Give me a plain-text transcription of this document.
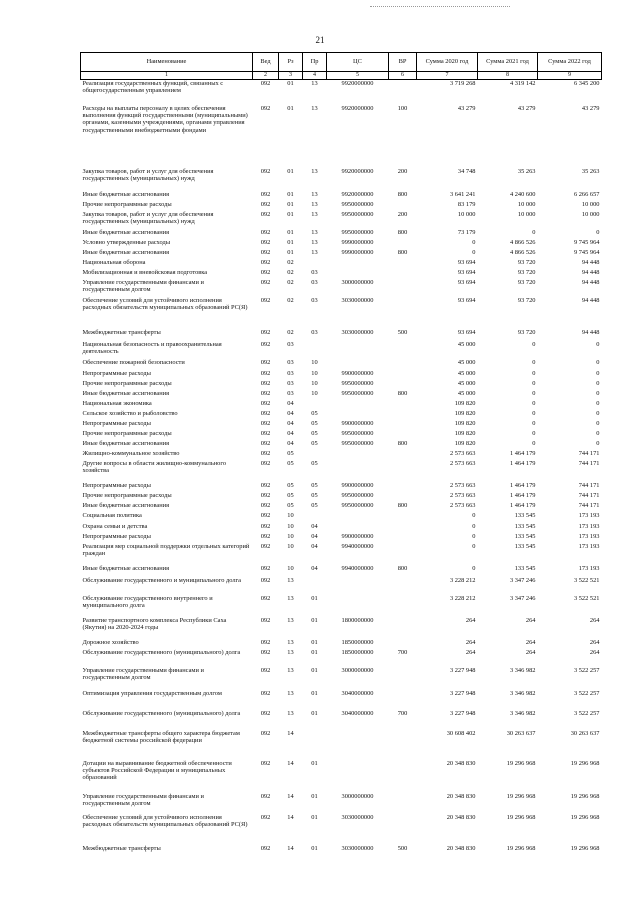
21
Наименование	Вед	Рз	Пр	ЦС	ВР	Сумма 2020 год	Сумма 2021 год	Сумма 2022 год
1	2	3	4	5	6	7	8	9
Реализация государственных функций, связанных с общегосударственным управлением	092	01	13	9920000000		3 719 268	4 319 142	6 345 200
Расходы на выплаты персоналу в целях обеспечения выполнения функций государственными (муниципальными) органами, казенными учреждениями, органами управления государственными внебюджетными фондами	092	01	13	9920000000	100	43 279	43 279	43 279
Закупка товаров, работ и услуг для обеспечения государственных (муниципальных) нужд	092	01	13	9920000000	200	34 748	35 263	35 263
Иные бюджетные ассигнования	092	01	13	9920000000	800	3 641 241	4 240 600	6 266 657
Прочие непрограммные расходы	092	01	13	9950000000		83 179	10 000	10 000
Закупка товаров, работ и услуг для обеспечения государственных (муниципальных) нужд	092	01	13	9950000000	200	10 000	10 000	10 000
Иные бюджетные ассигнования	092	01	13	9950000000	800	73 179	0	0
Условно утвержденные расходы	092	01	13	9990000000		0	4 866 526	9 745 964
Иные бюджетные ассигнования	092	01	13	9990000000	800	0	4 866 526	9 745 964
Национальная оборона	092	02				93 694	93 720	94 448
Мобилизационная и вневойсковая подготовка	092	02	03			93 694	93 720	94 448
Управление государственными финансами и государственным долгом	092	02	03	3000000000		93 694	93 720	94 448
Обеспечение условий для устойчивого исполнения расходных обязательств муниципальных образований РС(Я)	092	02	03	3030000000		93 694	93 720	94 448
Межбюджетные трансферты	092	02	03	3030000000	500	93 694	93 720	94 448
Национальная безопасность и правоохранительная деятельность	092	03				45 000	0	0
Обеспечение пожарной безопасности	092	03	10			45 000	0	0
Непрограммные расходы	092	03	10	9900000000		45 000	0	0
Прочие непрограммные расходы	092	03	10	9950000000		45 000	0	0
Иные бюджетные ассигнования	092	03	10	9950000000	800	45 000	0	0
Национальная экономика	092	04				109 820	0	0
Сельское хозяйство и рыболовство	092	04	05			109 820	0	0
Непрограммные расходы	092	04	05	9900000000		109 820	0	0
Прочие непрограммные расходы	092	04	05	9950000000		109 820	0	0
Иные бюджетные ассигнования	092	04	05	9950000000	800	109 820	0	0
Жилищно-коммунальное хозяйство	092	05				2 573 663	1 464 179	744 171
Другие вопросы в области жилищно-коммунального хозяйства	092	05	05			2 573 663	1 464 179	744 171
Непрограммные расходы	092	05	05	9900000000		2 573 663	1 464 179	744 171
Прочие непрограммные расходы	092	05	05	9950000000		2 573 663	1 464 179	744 171
Иные бюджетные ассигнования	092	05	05	9950000000	800	2 573 663	1 464 179	744 171
Социальная политика	092	10				0	133 545	173 193
Охрана семьи и детства	092	10	04			0	133 545	173 193
Непрограммные расходы	092	10	04	9900000000		0	133 545	173 193
Реализация мер социальной поддержки отдельных категорий граждан	092	10	04	9940000000		0	133 545	173 193
Иные бюджетные ассигнования	092	10	04	9940000000	800	0	133 545	173 193
Обслуживание государственного и муниципального долга	092	13				3 228 212	3 347 246	3 522 521
Обслуживание государственного внутреннего и муниципального долга	092	13	01			3 228 212	3 347 246	3 522 521
Развитие транспортного комплекса Республики Саха (Якутия) на 2020-2024 годы	092	13	01	1800000000		264	264	264
Дорожное хозяйство	092	13	01	1850000000		264	264	264
Обслуживание государственного (муниципального) долга	092	13	01	1850000000	700	264	264	264
Управление государственными финансами и государственным долгом	092	13	01	3000000000		3 227 948	3 346 982	3 522 257
Оптимизация управления государственным долгом	092	13	01	3040000000		3 227 948	3 346 982	3 522 257
Обслуживание государственного (муниципального) долга	092	13	01	3040000000	700	3 227 948	3 346 982	3 522 257
Межбюджетные трансферты общего характера бюджетам бюджетной системы российской федерации	092	14				30 608 402	30 263 637	30 263 637
Дотации на выравнивание бюджетной обеспеченности субъектов Российской Федерации и муниципальных образований	092	14	01			20 348 830	19 296 968	19 296 968
Управление государственными финансами и государственным долгом	092	14	01	3000000000		20 348 830	19 296 968	19 296 968
Обеспечение условий для устойчивого исполнения расходных обязательств муниципальных образований РС(Я)	092	14	01	3030000000		20 348 830	19 296 968	19 296 968
Межбюджетные трансферты	092	14	01	3030000000	500	20 348 830	19 296 968	19 296 968
